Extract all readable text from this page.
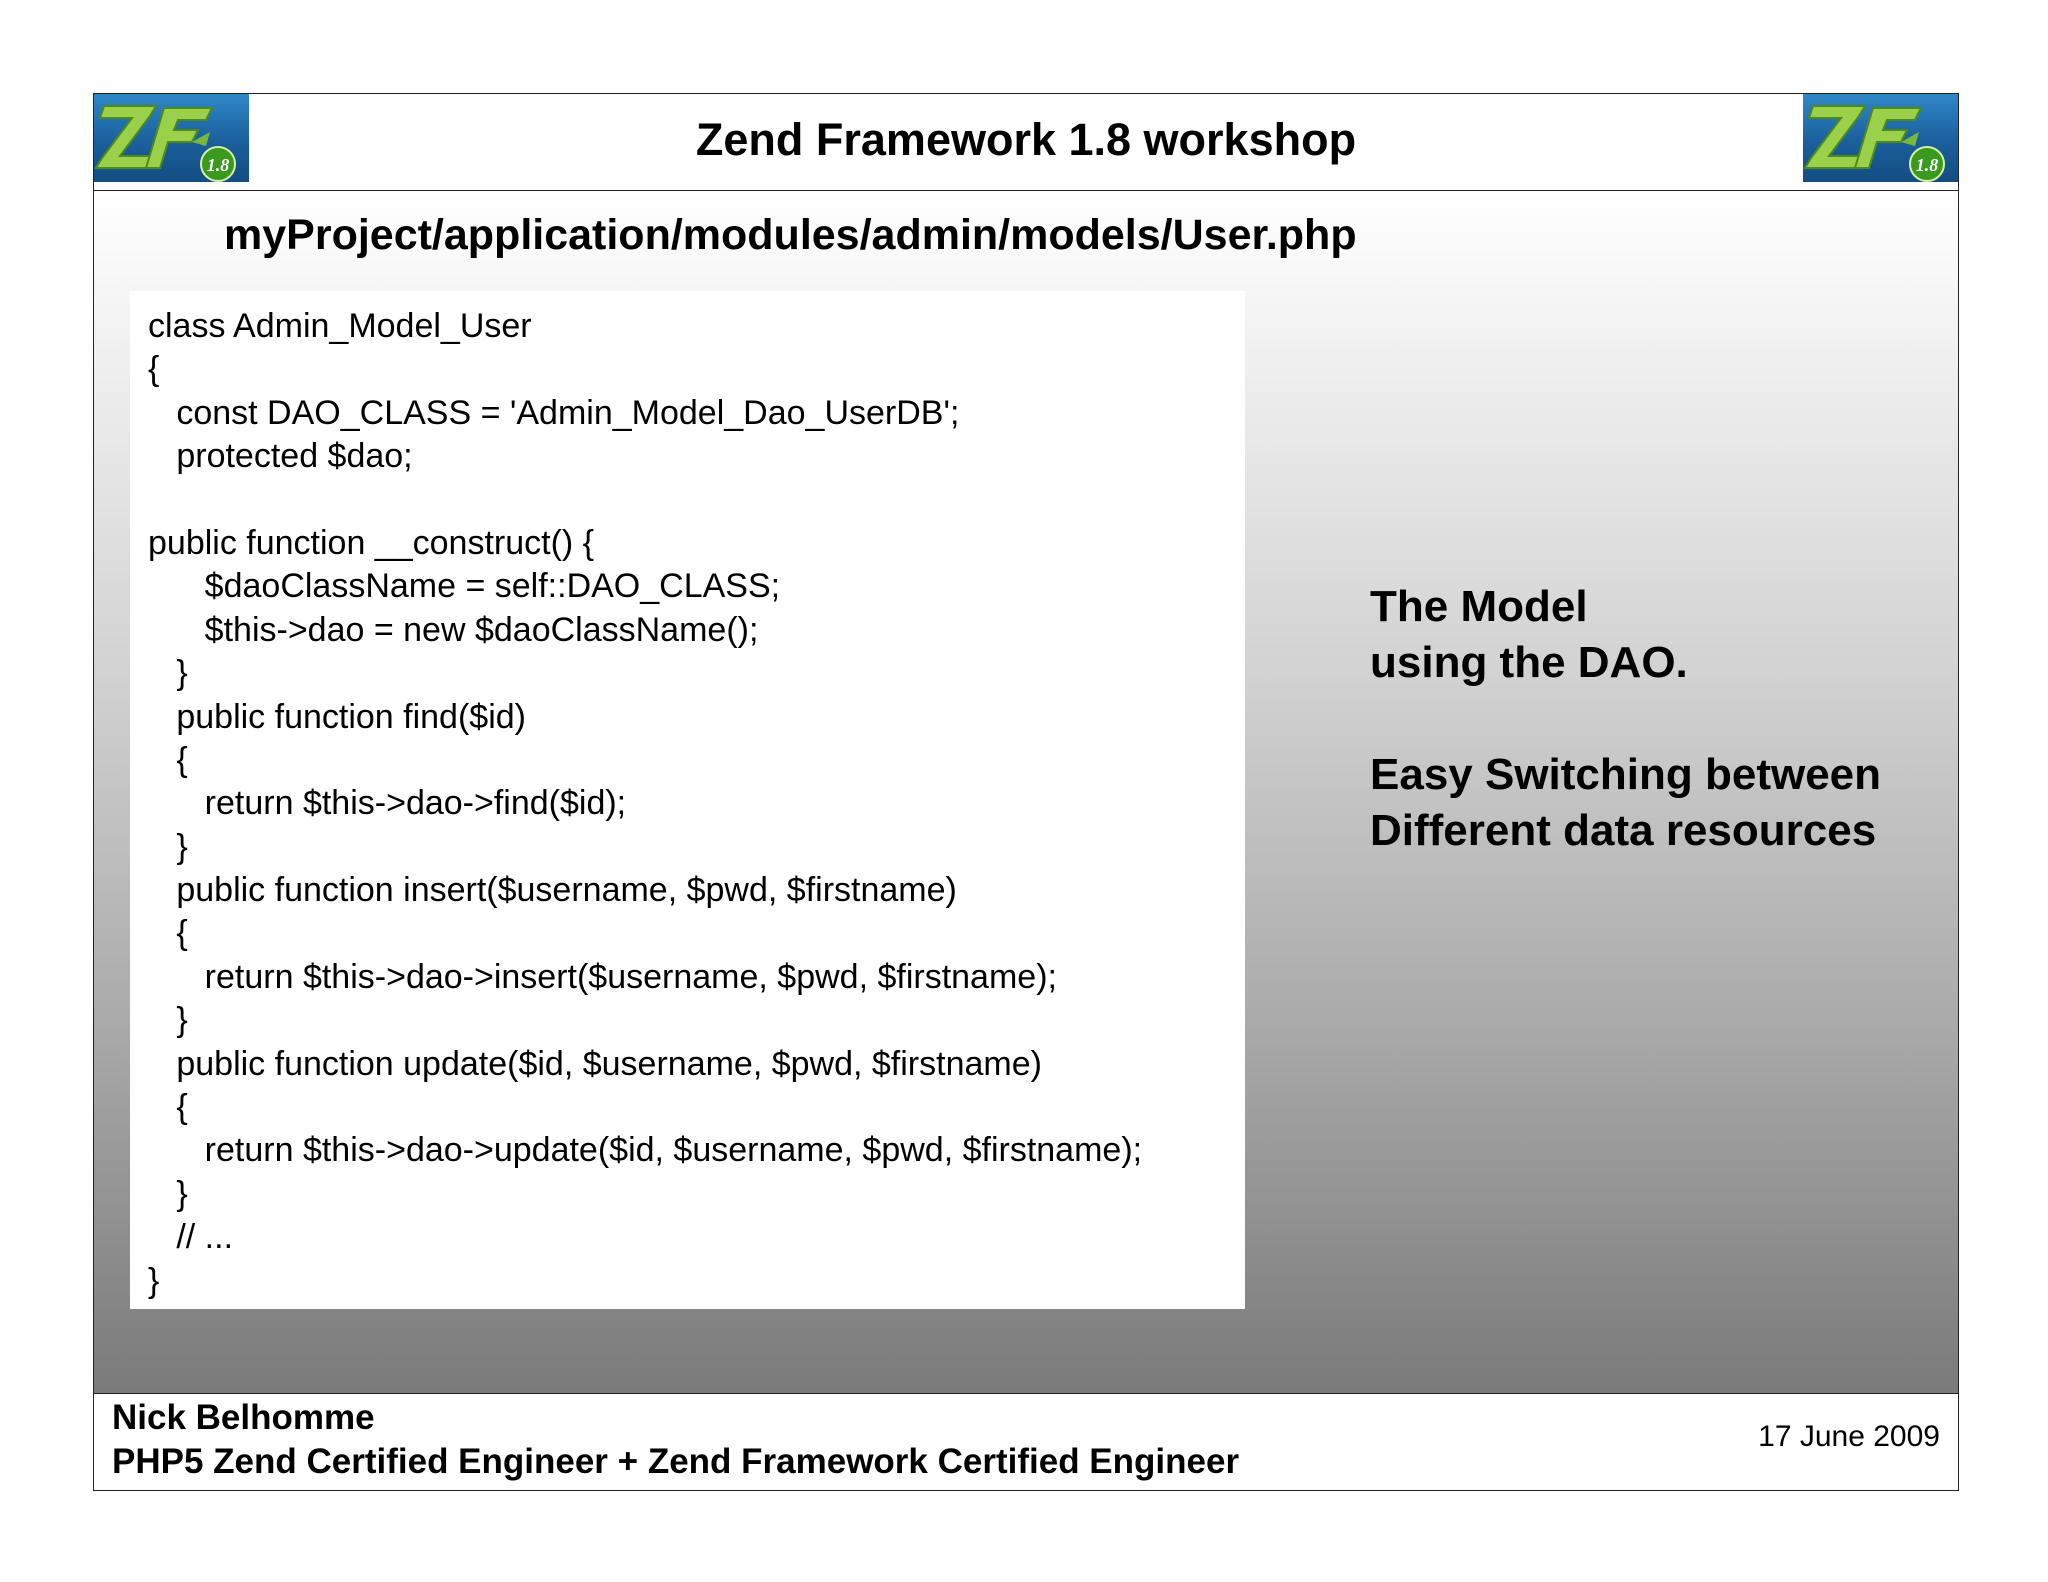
1.8	Zend Framework 1.8 workshop	1.8
myProject/application/modules/admin/models/User.php
class Admin_Model_User
{
const DAO_CLASS = 'Admin_Model_Dao_UserDB';
protected $dao;
public function __construct() {
$daoClassName = self::DAO_CLASS;
$this->dao = new $daoClassName();
}
public function find($id)
{
return $this->dao->find($id);
}
public function insert($username, $pwd, $firstname)
{
return $this->dao->insert($username, $pwd, $firstname);
}
public function update($id, $username, $pwd, $firstname)
{
return $this->dao->update($id, $username, $pwd, $firstname);
}
// ...
}
The Model
using the DAO.
Easy Switching between
Different data resources
Nick Belhomme
PHP5 Zend Certified Engineer + Zend Framework Certified Engineer
17 June 2009
